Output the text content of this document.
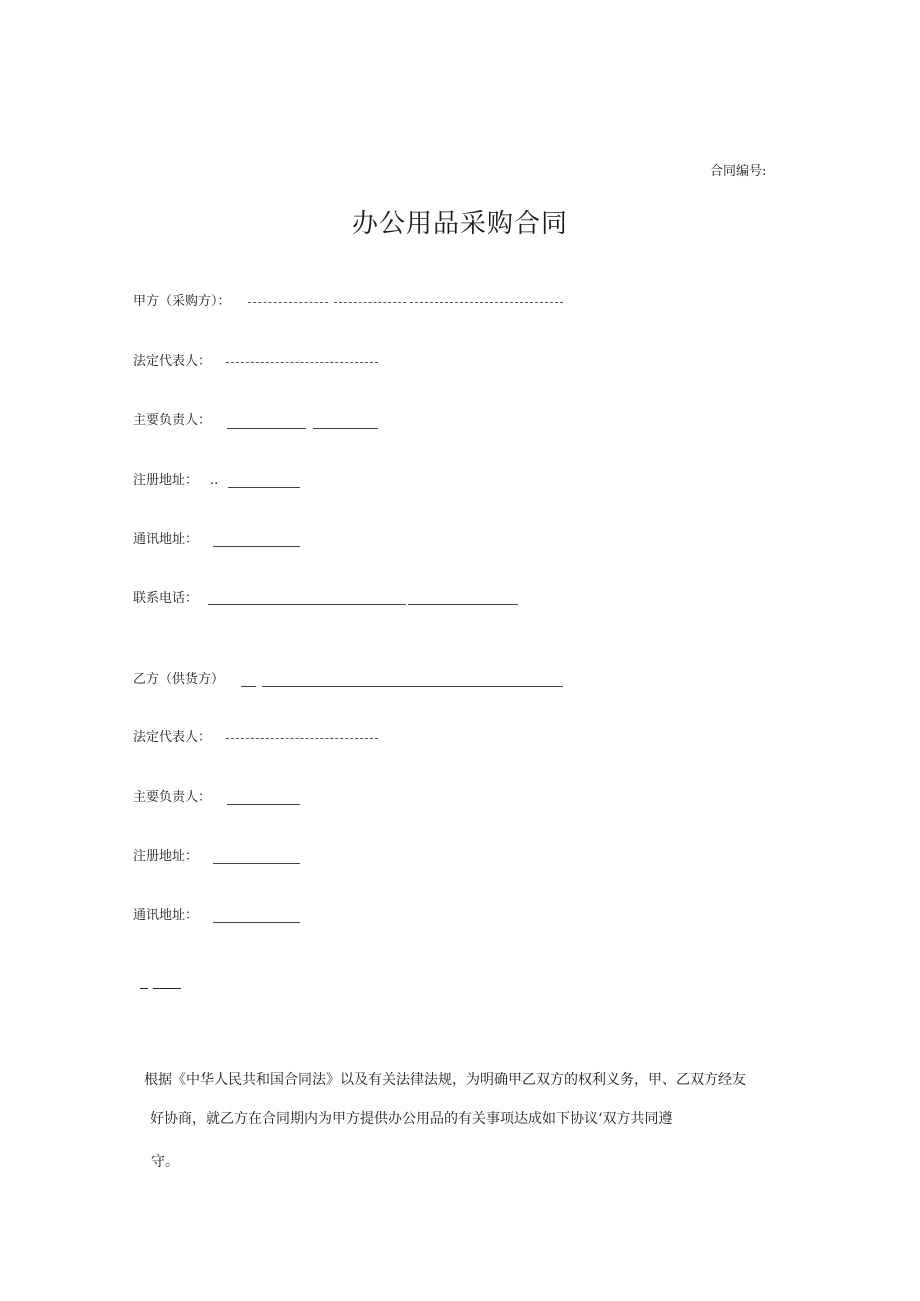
合同编号:
办公用品采购合同
甲方（采购方）：
法定代表人：
主要负责人：
注册地址： ..
通讯地址：
联系电话：
乙方（供货方）
法定代表人：
主要负责人：
注册地址：
通讯地址：
根据《中华人民共和国合同法》以及有关法律法规，为明确甲乙双方的权利义务，甲、乙双方经友
好协商，就乙方在合同期内为甲方提供办公用品的有关事项达成如下协议‘双方共同遵
守。
